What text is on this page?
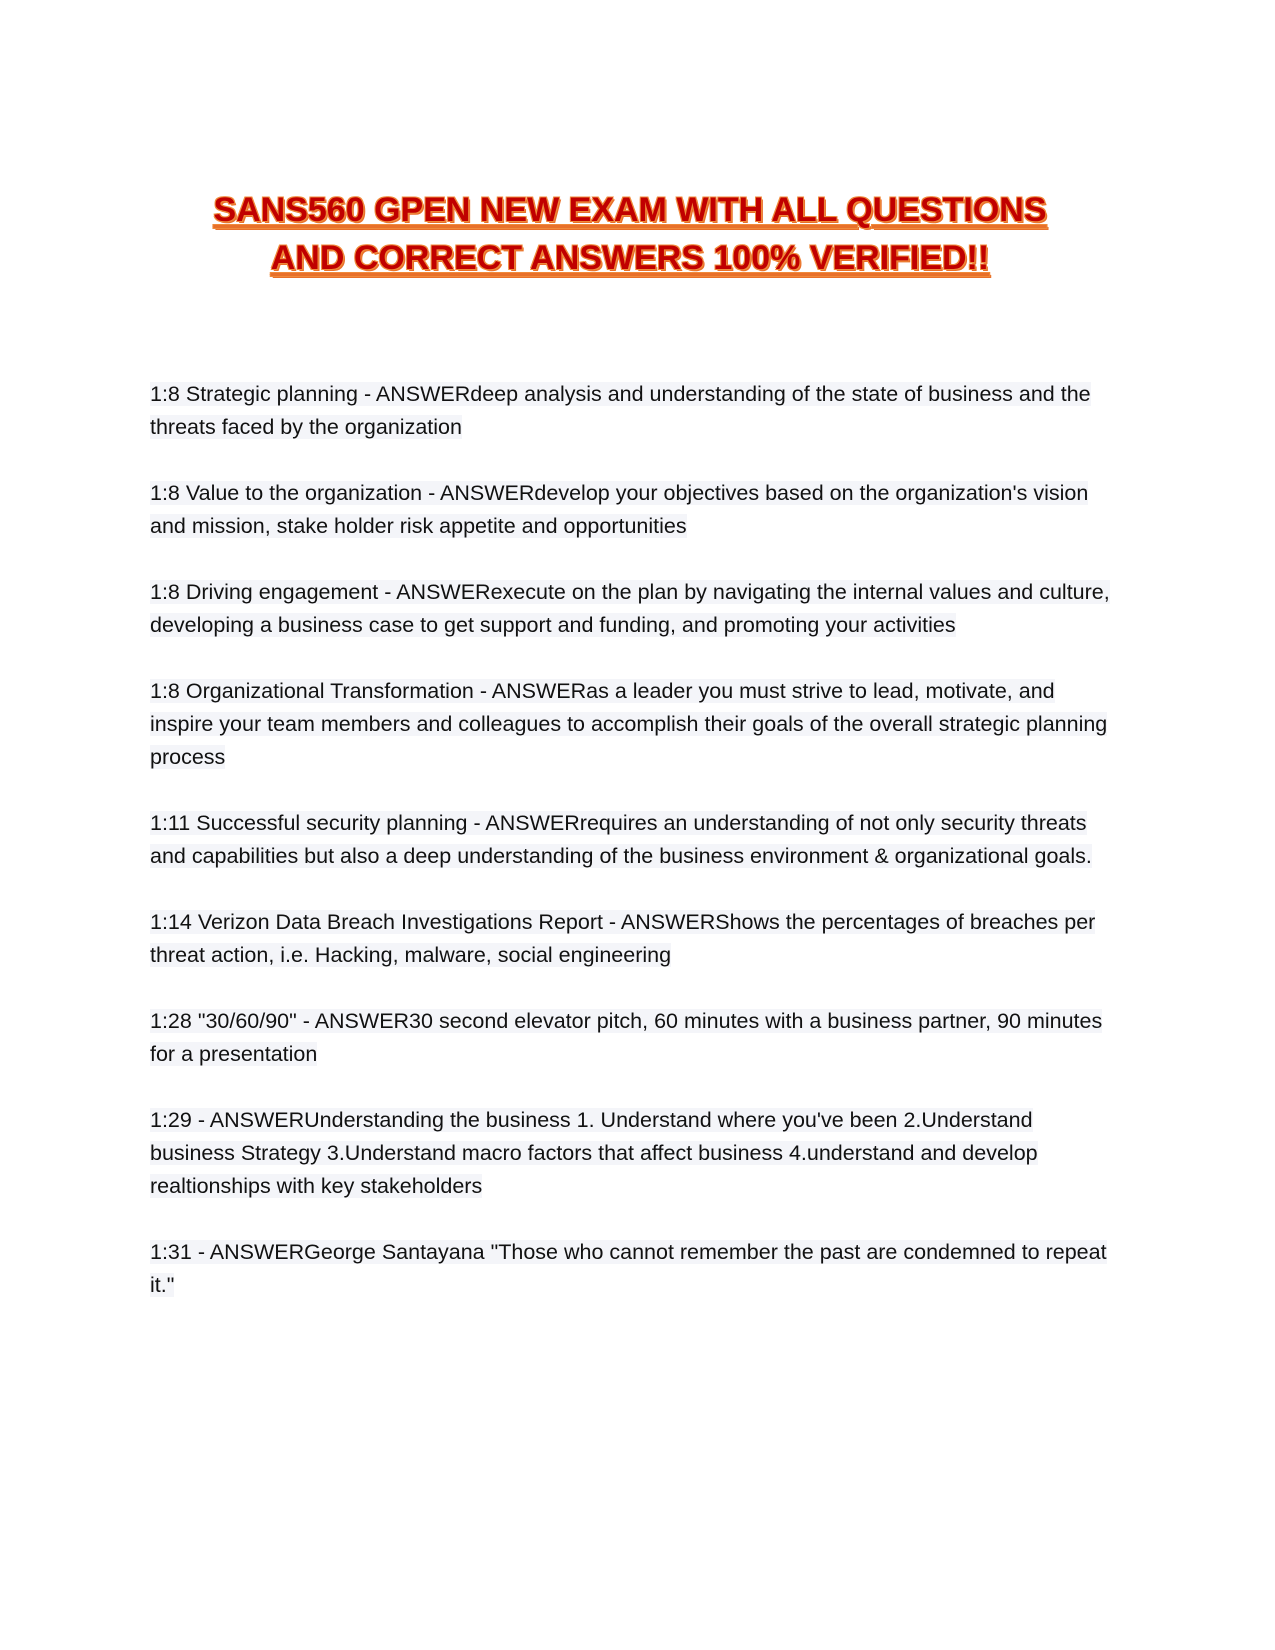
SANS560 GPEN NEW EXAM WITH ALL QUESTIONS
AND CORRECT ANSWERS 100% VERIFIED!!

1:8 Strategic planning - ANSWERdeep analysis and understanding of the state of business and the threats faced by the organization

1:8 Value to the organization - ANSWERdevelop your objectives based on the organization's vision and mission, stake holder risk appetite and opportunities

1:8 Driving engagement - ANSWERexecute on the plan by navigating the internal values and culture, developing a business case to get support and funding, and promoting your activities

1:8 Organizational Transformation - ANSWERas a leader you must strive to lead, motivate, and inspire your team members and colleagues to accomplish their goals of the overall strategic planning process

1:11 Successful security planning - ANSWERrequires an understanding of not only security threats and capabilities but also a deep understanding of the business environment & organizational goals.

1:14 Verizon Data Breach Investigations Report - ANSWERShows the percentages of breaches per threat action, i.e. Hacking, malware, social engineering

1:28 "30/60/90" - ANSWER30 second elevator pitch, 60 minutes with a business partner, 90 minutes for a presentation

1:29 - ANSWERUnderstanding the business 1. Understand where you've been 2.Understand business Strategy 3.Understand macro factors that affect business 4.understand and develop realtionships with key stakeholders

1:31 - ANSWERGeorge Santayana "Those who cannot remember the past are condemned to repeat it."
